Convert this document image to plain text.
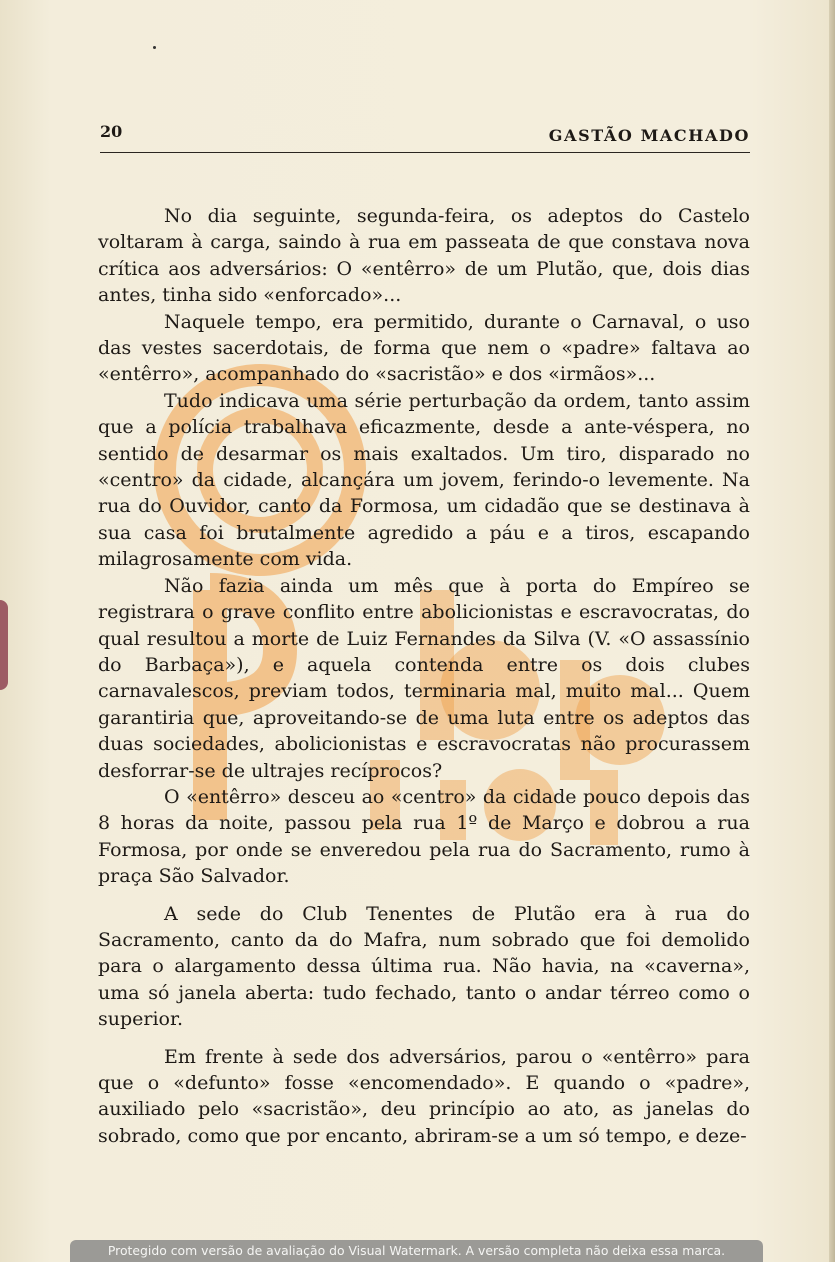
20	GASTÃO MACHADO

No dia seguinte, segunda-feira, os adeptos do Castelo voltaram à carga, saindo à rua em passeata de que constava nova crítica aos adversários: O «entêrro» de um Plutão, que, dois dias antes, tinha sido «enforcado»...

Naquele tempo, era permitido, durante o Carnaval, o uso das vestes sacerdotais, de forma que nem o «padre» faltava ao «entêrro», acompanhado do «sacristão» e dos «irmãos»...

Tudo indicava uma série perturbação da ordem, tanto assim que a polícia trabalhava eficazmente, desde a ante-véspera, no sentido de desarmar os mais exaltados. Um tiro, disparado no «centro» da cidade, alcançára um jovem, ferindo-o levemente. Na rua do Ouvidor, canto da Formosa, um cidadão que se destinava à sua casa foi brutalmente agredido a páu e a tiros, escapando milagrosamente com vida.

Não fazia ainda um mês que à porta do Empíreo se registrara o grave conflito entre abolicionistas e escravocratas, do qual resultou a morte de Luiz Fernandes da Silva (V. «O assassínio do Barbaça»), e aquela contenda entre os dois clubes carnavalescos, previam todos, terminaria mal, muito mal... Quem garantiria que, aproveitando-se de uma luta entre os adeptos das duas sociedades, abolicionistas e escravocratas não procurassem desforrar-se de ultrajes recíprocos?

O «entêrro» desceu ao «centro» da cidade pouco depois das 8 horas da noite, passou pela rua 1º de Março e dobrou a rua Formosa, por onde se enveredou pela rua do Sacramento, rumo à praça São Salvador.

A sede do Club Tenentes de Plutão era à rua do Sacramento, canto da do Mafra, num sobrado que foi demolido para o alargamento dessa última rua. Não havia, na «caverna», uma só janela aberta: tudo fechado, tanto o andar térreo como o superior.

Em frente à sede dos adversários, parou o «entêrro» para que o «defunto» fosse «encomendado». E quando o «padre», auxiliado pelo «sacristão», deu princípio ao ato, as janelas do sobrado, como que por encanto, abriram-se a um só tempo, e deze-

Protegido com versão de avaliação do Visual Watermark. A versão completa não deixa essa marca.
